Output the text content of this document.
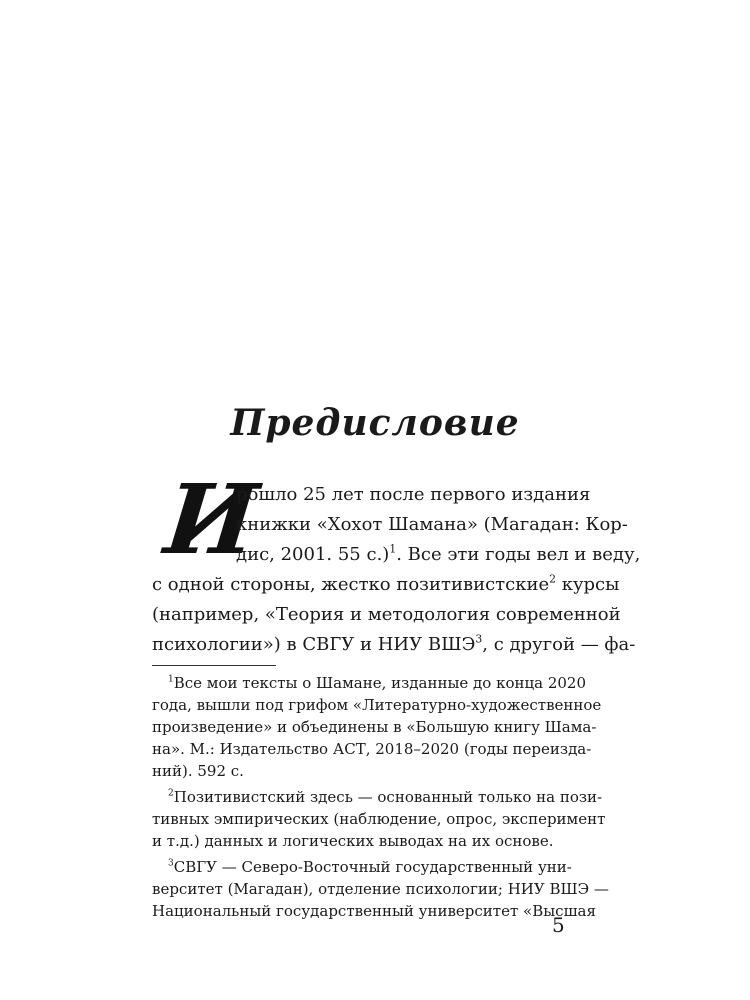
Предисловие
И
рошло 25 лет после первого издания
книжки «Хохот Шамана» (Магадан: Кор-
дис, 2001. 55 с.)$^1$. Все эти годы вел и веду,
с одной стороны, жестко позитивистские$^2$ курсы
(например, «Теория и методология современной
психологии») в СВГУ и НИУ ВШЭ$^3$, с другой — фа-
$^1$Все мои тексты о Шамане, изданные до конца 2020
года, вышли под грифом «Литературно-художественное
произведение» и объединены в «Большую книгу Шама-
на». М.: Издательство АСТ, 2018–2020 (годы переизда-
ний). 592 с.
$^2$Позитивистский здесь — основанный только на пози-
тивных эмпирических (наблюдение, опрос, эксперимент
и т.д.) данных и логических выводах на их основе.
$^3$СВГУ — Северо-Восточный государственный уни-
верситет (Магадан), отделение психологии; НИУ ВШЭ —
Национальный государственный университет «Высшая
5
